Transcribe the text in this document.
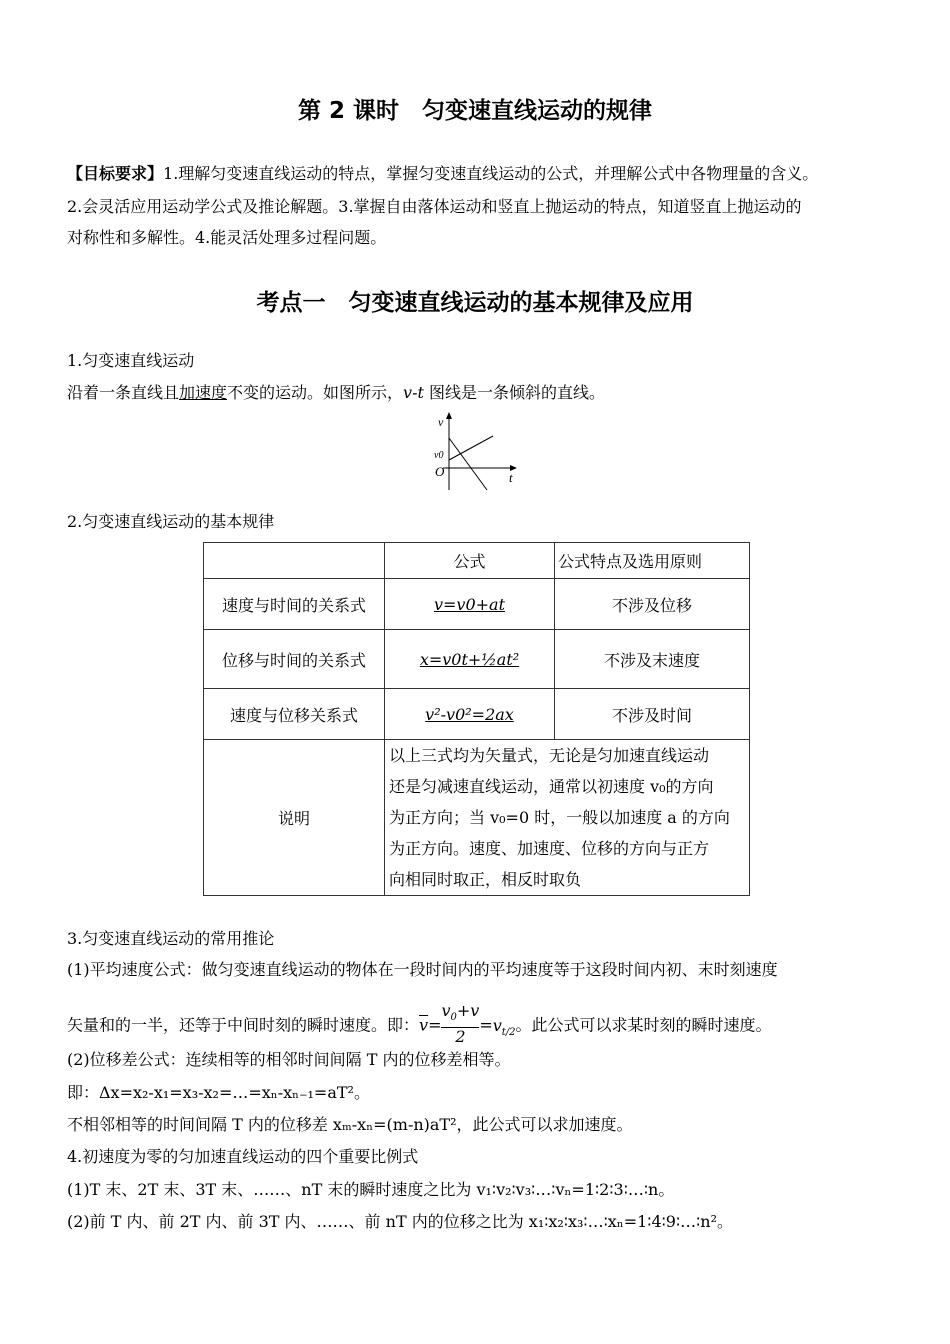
第 2 课时　匀变速直线运动的规律
【目标要求】1.理解匀变速直线运动的特点，掌握匀变速直线运动的公式，并理解公式中各物理量的含义。
2.会灵活应用运动学公式及推论解题。3.掌握自由落体运动和竖直上抛运动的特点，知道竖直上抛运动的
对称性和多解性。4.能灵活处理多过程问题。
考点一　匀变速直线运动的基本规律及应用
1.匀变速直线运动
沿着一条直线且加速度不变的运动。如图所示，v-t 图线是一条倾斜的直线。
v
t
O
v0
2.匀变速直线运动的基本规律
	公式	公式特点及选用原则
速度与时间的关系式	v=v0+at	不涉及位移
位移与时间的关系式	x=v0t+½at²	不涉及末速度
速度与位移关系式	v²-v0²=2ax	不涉及时间
说明	以上三式均为矢量式，无论是匀加速直线运动
还是匀减速直线运动，通常以初速度 v₀的方向
为正方向；当 v₀=0 时，一般以加速度 a 的方向
为正方向。速度、加速度、位移的方向与正方
向相同时取正，相反时取负	
3.匀变速直线运动的常用推论
(1)平均速度公式：做匀变速直线运动的物体在一段时间内的平均速度等于这段时间内初、末时刻速度
矢量和的一半，还等于中间时刻的瞬时速度。即：$\overline{v}= \frac{v_0+v}{2} =v_{t/2}$。此公式可以求某时刻的瞬时速度。
(2)位移差公式：连续相等的相邻时间间隔 T 内的位移差相等。
即：Δx=x₂-x₁=x₃-x₂=…=xₙ-xₙ₋₁=aT²。
不相邻相等的时间间隔 T 内的位移差 xₘ-xₙ=(m-n)aT²，此公式可以求加速度。
4.初速度为零的匀加速直线运动的四个重要比例式
(1)T 末、2T 末、3T 末、……、nT 末的瞬时速度之比为 v₁∶v₂∶v₃∶…∶vₙ=1∶2∶3∶…∶n。
(2)前 T 内、前 2T 内、前 3T 内、……、前 nT 内的位移之比为 x₁∶x₂∶x₃∶…∶xₙ=1∶4∶9∶…∶n²。
